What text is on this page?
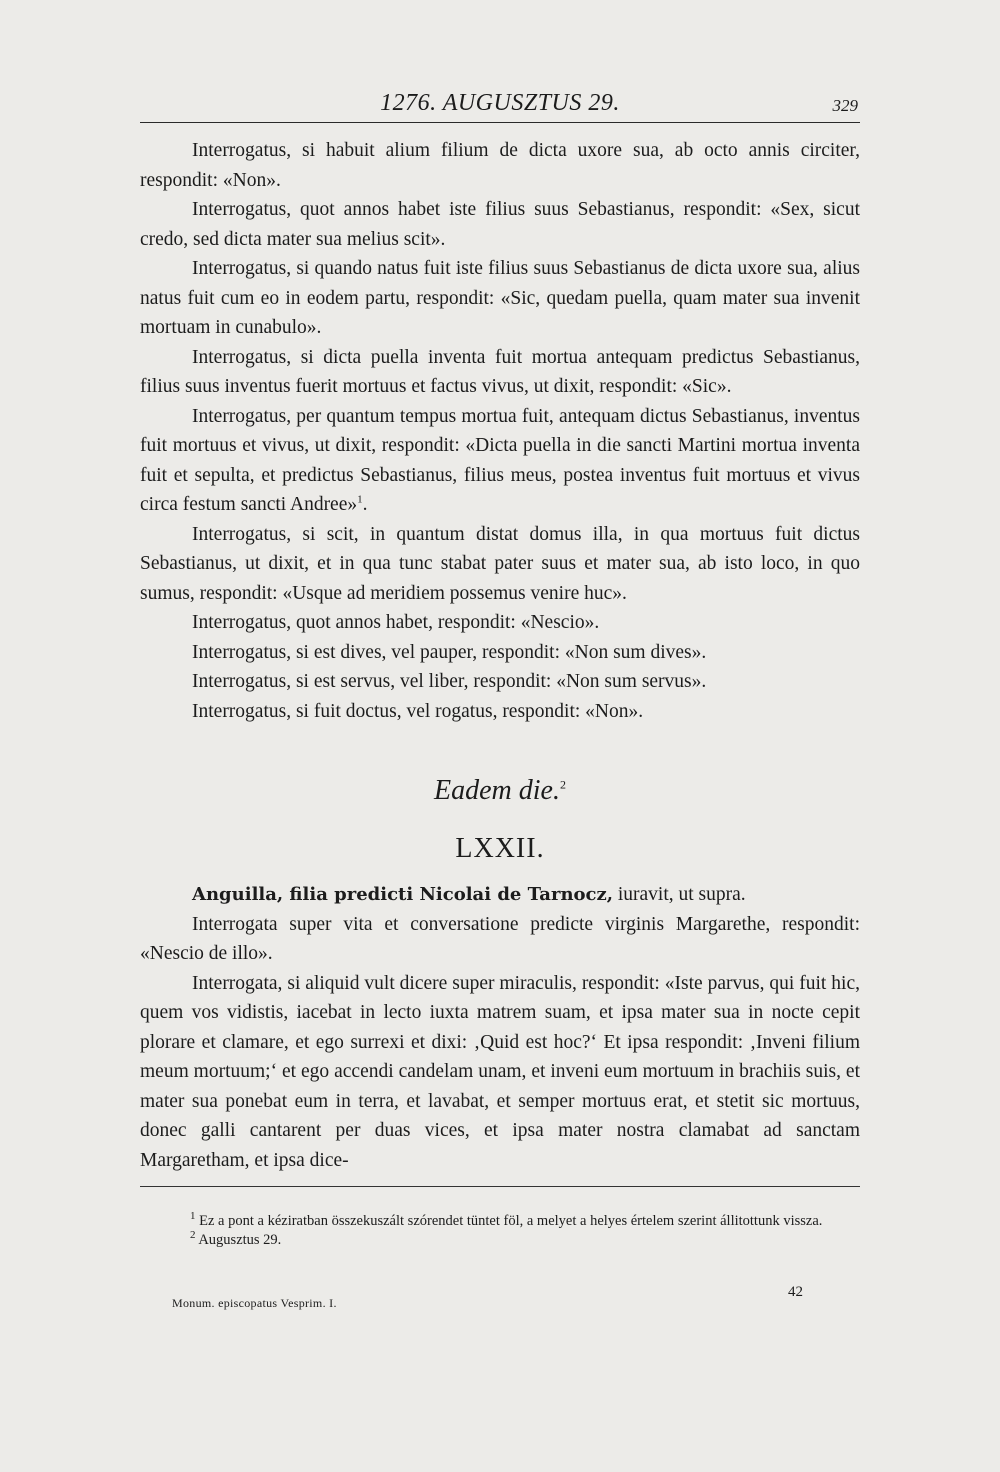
1276. AUGUSZTUS 29.	329

Interrogatus, si habuit alium filium de dicta uxore sua, ab octo annis circiter, respondit: «Non».

Interrogatus, quot annos habet iste filius suus Sebastianus, respondit: «Sex, sicut credo, sed dicta mater sua melius scit».

Interrogatus, si quando natus fuit iste filius suus Sebastianus de dicta uxore sua, alius natus fuit cum eo in eodem partu, respondit: «Sic, quedam puella, quam mater sua invenit mortuam in cunabulo».

Interrogatus, si dicta puella inventa fuit mortua antequam predictus Sebastianus, filius suus inventus fuerit mortuus et factus vivus, ut dixit, respondit: «Sic».

Interrogatus, per quantum tempus mortua fuit, antequam dictus Sebastianus, inventus fuit mortuus et vivus, ut dixit, respondit: «Dicta puella in die sancti Martini mortua inventa fuit et sepulta, et predictus Sebastianus, filius meus, postea inventus fuit mortuus et vivus circa festum sancti Andree»$^1$.

Interrogatus, si scit, in quantum distat domus illa, in qua mortuus fuit dictus Sebastianus, ut dixit, et in qua tunc stabat pater suus et mater sua, ab isto loco, in quo sumus, respondit: «Usque ad meridiem possemus venire huc».

Interrogatus, quot annos habet, respondit: «Nescio».

Interrogatus, si est dives, vel pauper, respondit: «Non sum dives».

Interrogatus, si est servus, vel liber, respondit: «Non sum servus».

Interrogatus, si fuit doctus, vel rogatus, respondit: «Non».

Eadem die.$^2$
LXXII.

Anguilla, filia predicti Nicolai de Tarnocz, iuravit, ut supra.

Interrogata super vita et conversatione predicte virginis Margarethe, respondit: «Nescio de illo».

Interrogata, si aliquid vult dicere super miraculis, respondit: «Iste parvus, qui fuit hic, quem vos vidistis, iacebat in lecto iuxta matrem suam, et ipsa mater sua in nocte cepit plorare et clamare, et ego surrexi et dixi: ‚Quid est hoc?‘ Et ipsa respondit: ‚Inveni filium meum mortuum;‘ et ego accendi candelam unam, et inveni eum mortuum in brachiis suis, et mater sua ponebat eum in terra, et lavabat, et semper mortuus erat, et stetit sic mortuus, donec galli cantarent per duas vices, et ipsa mater nostra clamabat ad sanctam Margaretham, et ipsa dice-

$^1$ Ez a pont a kéziratban összekuszált szórendet tüntet föl, a melyet a helyes értelem szerint állitottunk vissza.

$^2$ Augusztus 29.

Monum. episcopatus Vesprim. I.
42
